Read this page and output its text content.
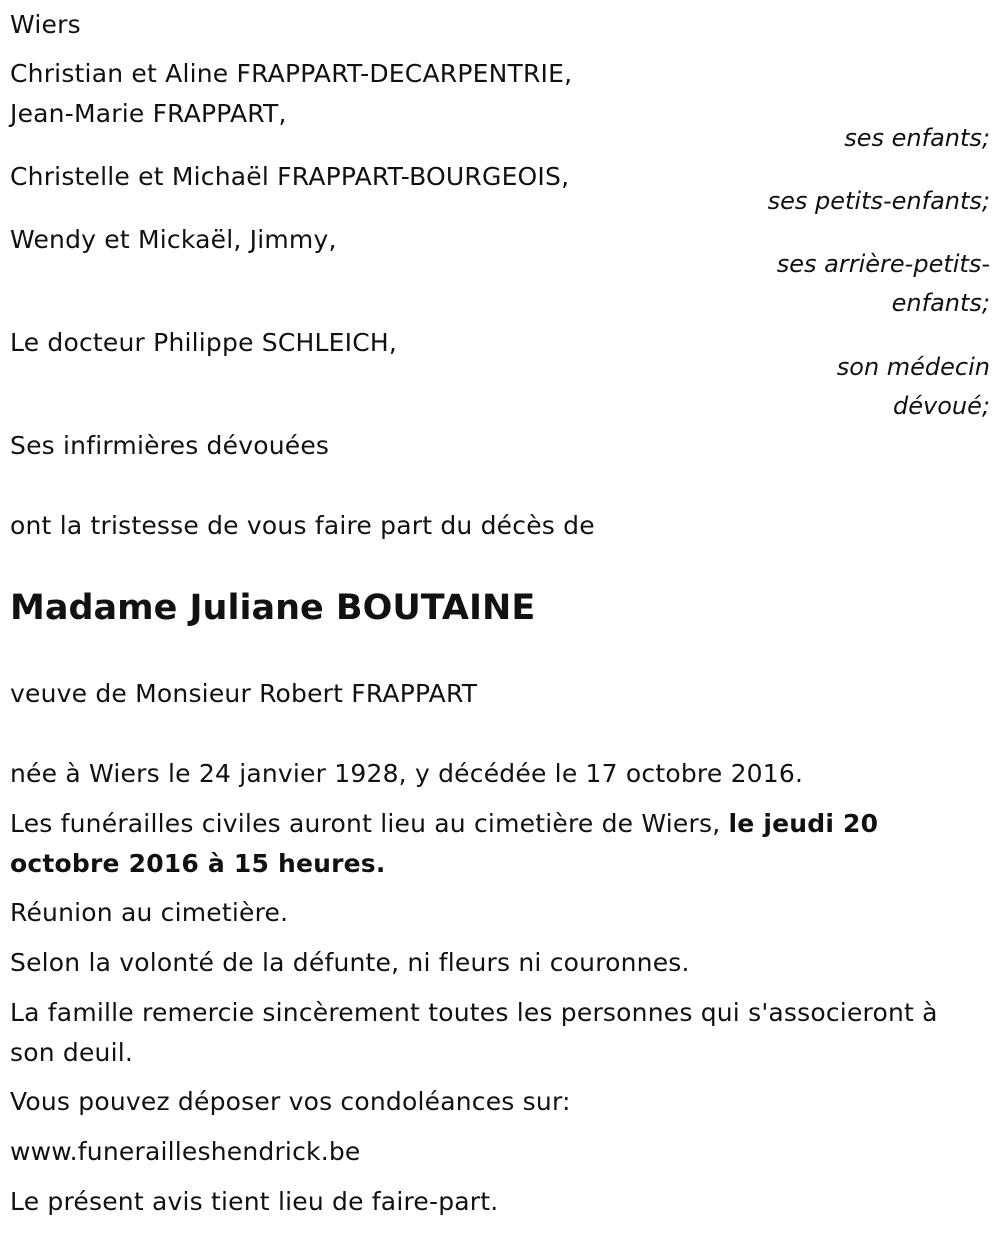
Wiers
Christian et Aline FRAPPART-DECARPENTRIE,
Jean-Marie FRAPPART,
ses enfants;
Christelle et Michaël FRAPPART-BOURGEOIS,
ses petits-enfants;
Wendy et Mickaël, Jimmy,
ses arrière-petits-
enfants;
Le docteur Philippe SCHLEICH,
son médecin
dévoué;
Ses infirmières dévouées
ont la tristesse de vous faire part du décès de
Madame Juliane BOUTAINE
veuve de Monsieur Robert FRAPPART
née à Wiers le 24 janvier 1928, y décédée le 17 octobre 2016.
Les funérailles civiles auront lieu au cimetière de Wiers, le jeudi 20
octobre 2016 à 15 heures.
Réunion au cimetière.
Selon la volonté de la défunte, ni fleurs ni couronnes.
La famille remercie sincèrement toutes les personnes qui s'associeront à
son deuil.
Vous pouvez déposer vos condoléances sur:
www.funerailleshendrick.be
Le présent avis tient lieu de faire-part.
